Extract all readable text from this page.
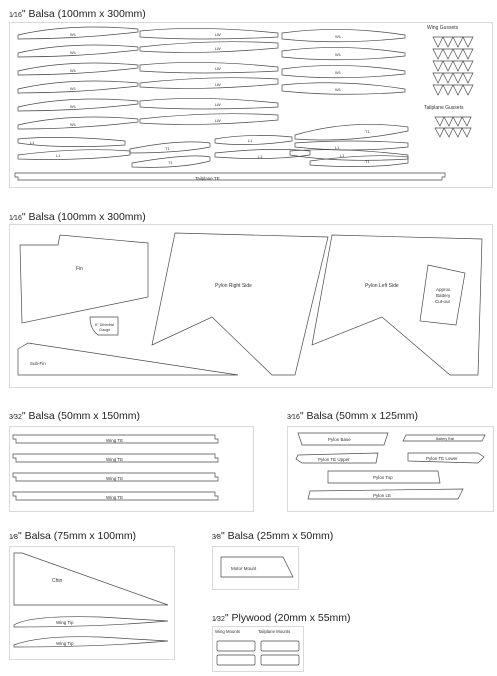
1⁄16" Balsa (100mm x 300mm)
W1
W1
W1
W1
W1
W1
LW
LW
LW
LW
LW
LW
W1
W1
W1
W1
T1
L1
L1
L1
L1
T1
T1
L1
L1
T1
Tailplane TE
Wing Gussets
Tailplane Gussets
1⁄16" Balsa (100mm x 300mm)
Fin
6° Dihedral
Gauge
Sub-Fin
Pylon Right Side	Pylon Left Side
Approx.
Battery
Cut-out
3⁄32" Balsa (50mm x 150mm)
Wing TE
Wing TE
Wing TE
Wing TE
3⁄16" Balsa (50mm x 125mm)
Pylon Base	Battery Rail
Pylon TE Upper	Pylon TE Lower
Pylon Top
Pylon LE
1⁄8" Balsa (75mm x 100mm)
Chin
Wing Tip
Wing Tip
3⁄8" Balsa (25mm x 50mm)
Motor Mount
1⁄32" Plywood (20mm x 55mm)
Wing Mounts	Tailplane Mounts
